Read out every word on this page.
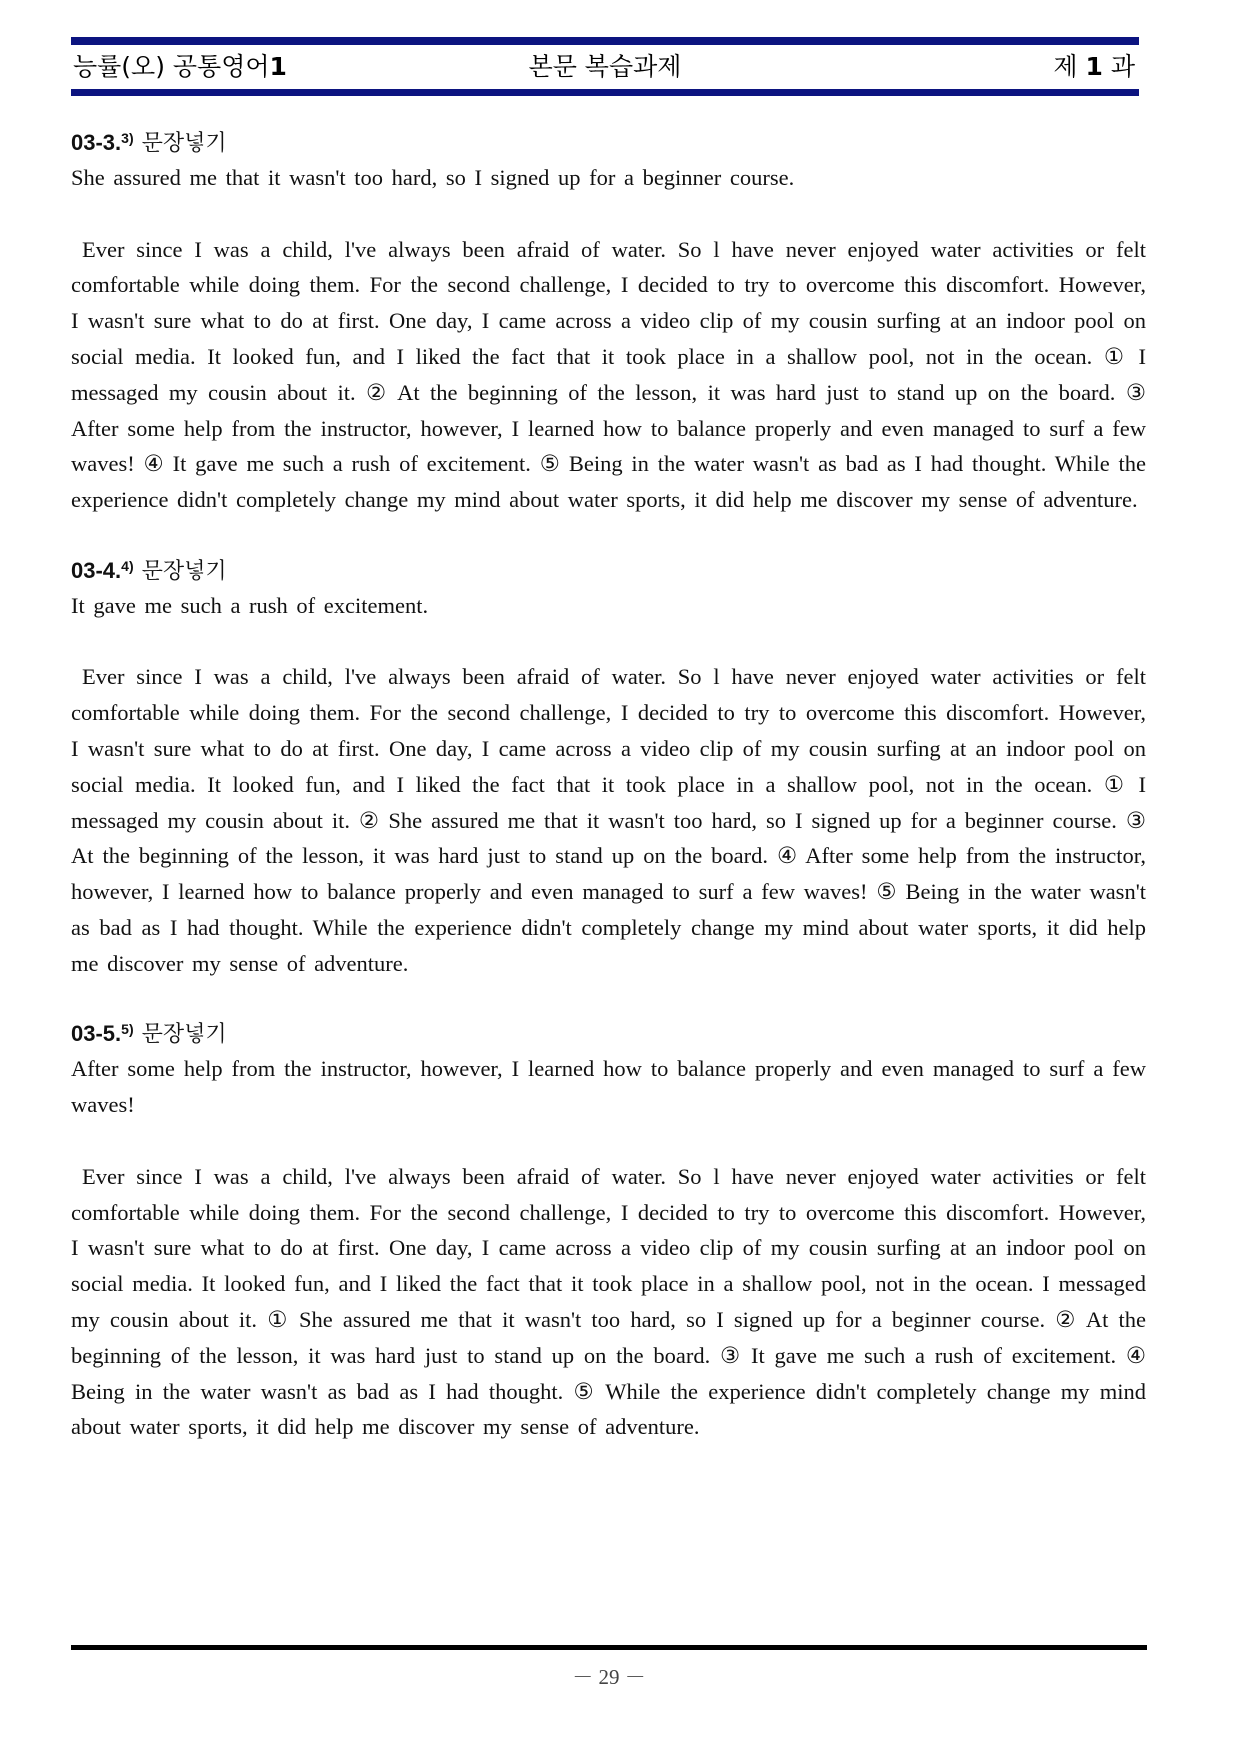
능률(오) 공통영어1	본문 복습과제	제 1 과
03-3.$^{3)}$ 문장넣기

She assured me that it wasn't too hard, so I signed up for a beginner course.

Ever since I was a child, l've always been afraid of water. So l have never enjoyed water activities or felt comfortable while doing them. For the second challenge, I decided to try to overcome this discomfort. However, I wasn't sure what to do at first. One day, I came across a video clip of my cousin surfing at an indoor pool on social media. It looked fun, and I liked the fact that it took place in a shallow pool, not in the ocean. ① I messaged my cousin about it. ② At the beginning of the lesson, it was hard just to stand up on the board. ③ After some help from the instructor, however, I learned how to balance properly and even managed to surf a few waves! ④ It gave me such a rush of excitement. ⑤ Being in the water wasn't as bad as I had thought. While the experience didn't completely change my mind about water sports, it did help me discover my sense of adventure.

03-4.$^{4)}$ 문장넣기

It gave me such a rush of excitement.

Ever since I was a child, l've always been afraid of water. So l have never enjoyed water activities or felt comfortable while doing them. For the second challenge, I decided to try to overcome this discomfort. However, I wasn't sure what to do at first. One day, I came across a video clip of my cousin surfing at an indoor pool on social media. It looked fun, and I liked the fact that it took place in a shallow pool, not in the ocean. ① I messaged my cousin about it. ② She assured me that it wasn't too hard, so I signed up for a beginner course. ③ At the beginning of the lesson, it was hard just to stand up on the board. ④ After some help from the instructor, however, I learned how to balance properly and even managed to surf a few waves! ⑤ Being in the water wasn't as bad as I had thought. While the experience didn't completely change my mind about water sports, it did help me discover my sense of adventure.

03-5.$^{5)}$ 문장넣기

After some help from the instructor, however, I learned how to balance properly and even managed to surf a few waves!

Ever since I was a child, l've always been afraid of water. So l have never enjoyed water activities or felt comfortable while doing them. For the second challenge, I decided to try to overcome this discomfort. However, I wasn't sure what to do at first. One day, I came across a video clip of my cousin surfing at an indoor pool on social media. It looked fun, and I liked the fact that it took place in a shallow pool, not in the ocean. I messaged my cousin about it. ① She assured me that it wasn't too hard, so I signed up for a beginner course. ② At the beginning of the lesson, it was hard just to stand up on the board. ③ It gave me such a rush of excitement. ④ Being in the water wasn't as bad as I had thought. ⑤ While the experience didn't completely change my mind about water sports, it did help me discover my sense of adventure.

－ 29 －
